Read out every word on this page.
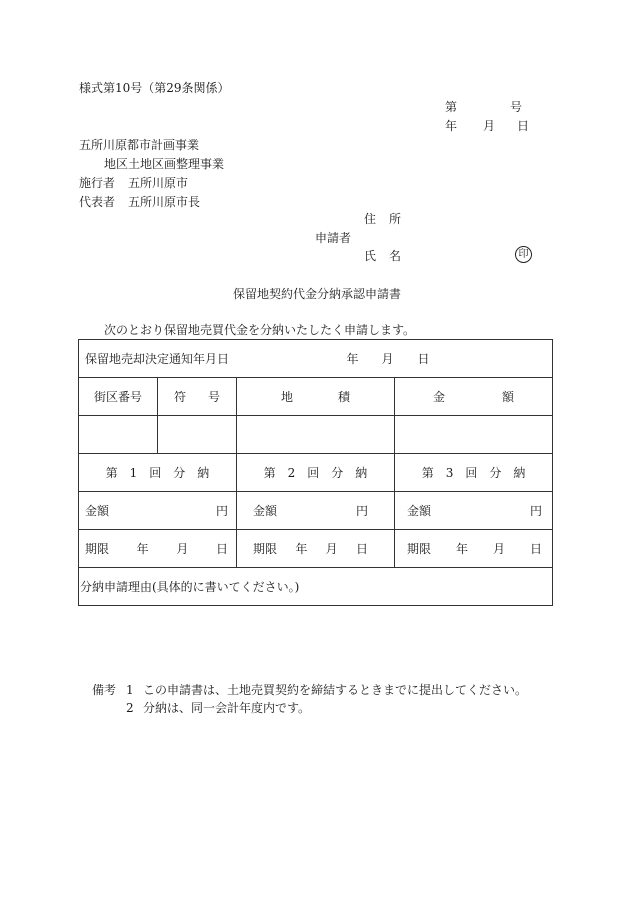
様式第10号（第29条関係）
第	号
年 月 日
五所川原都市計画事業
地区土地区画整理事業
施行者 五所川原市
代表者 五所川原市長
住 所
申請者
氏 名	印
保留地契約代金分納承認申請書
次のとおり保留地売買代金を分納いたしたく申請します。
保留地売却決定通知年月日 年 月 日			

街区番号	符 号	地 積	金 額

第　1　回　分　納		第　2　回　分　納	第　3　回　分　納

金額 円		金額 円	金額 円

期限 年 月 日		期限 年 月 日	期限 年 月 日

分納申請理由(具体的に書いてください。)			
備考 1 この申請書は、土地売買契約を締結するときまでに提出してください。
2 分納は、同一会計年度内です。
